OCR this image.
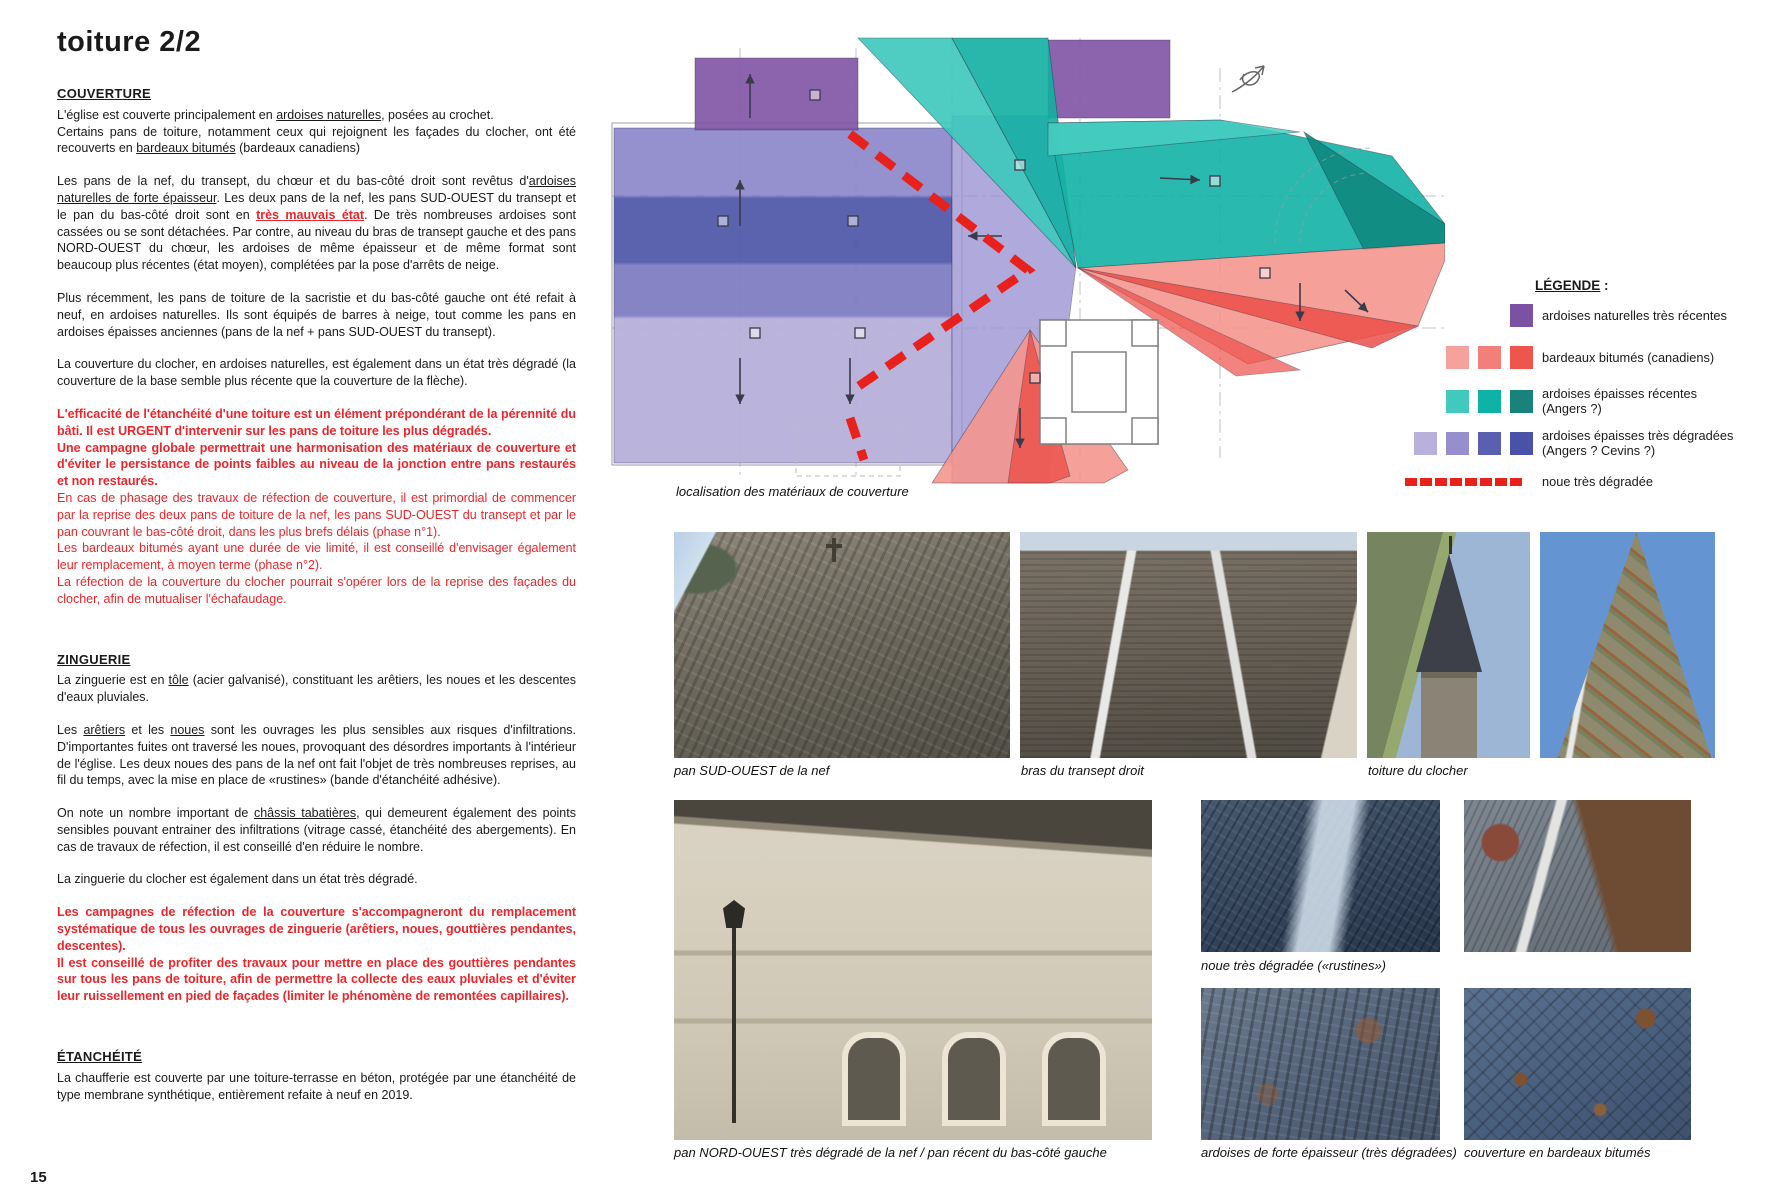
toiture 2/2
COUVERTURE

L'église est couverte principalement en ardoises naturelles, posées au crochet.

Certains pans de toiture, notamment ceux qui rejoignent les façades du clocher, ont été recouverts en bardeaux bitumés (bardeaux canadiens)

Les pans de la nef, du transept, du chœur et du bas-côté droit sont revêtus d'ardoises naturelles de forte épaisseur. Les deux pans de la nef, les pans SUD-OUEST du transept et le pan du bas-côté droit sont en très mauvais état. De très nombreuses ardoises sont cassées ou se sont détachées. Par contre, au niveau du bras de transept gauche et des pans NORD-OUEST du chœur, les ardoises de même épaisseur et de même format sont beaucoup plus récentes (état moyen), complétées par la pose d'arrêts de neige.

Plus récemment, les pans de toiture de la sacristie et du bas-côté gauche ont été refait à neuf, en ardoises naturelles. Ils sont équipés de barres à neige, tout comme les pans en ardoises épaisses anciennes (pans de la nef + pans SUD-OUEST du transept).

La couverture du clocher, en ardoises naturelles, est également dans un état très dégradé (la couverture de la base semble plus récente que la couverture de la flèche).

L'efficacité de l'étanchéité d'une toiture est un élément prépondérant de la pérennité du bâti. Il est URGENT d'intervenir sur les pans de toiture les plus dégradés.

Une campagne globale permettrait une harmonisation des matériaux de couverture et d'éviter le persistance de points faibles au niveau de la jonction entre pans restaurés et non restaurés.

En cas de phasage des travaux de réfection de couverture, il est primordial de commencer par la reprise des deux pans de toiture de la nef, les pans SUD-OUEST du transept et par le pan couvrant le bas-côté droit, dans les plus brefs délais (phase n°1).

Les bardeaux bitumés ayant une durée de vie limité, il est conseillé d'envisager également leur remplacement, à moyen terme (phase n°2).

La réfection de la couverture du clocher pourrait s'opérer lors de la reprise des façades du clocher, afin de mutualiser l'échafaudage.

ZINGUERIE

La zinguerie est en tôle (acier galvanisé), constituant les arêtiers, les noues et les descentes d'eaux pluviales.

Les arêtiers et les noues sont les ouvrages les plus sensibles aux risques d'infiltrations. D'importantes fuites ont traversé les noues, provoquant des désordres importants à l'intérieur de l'église. Les deux noues des pans de la nef ont fait l'objet de très nombreuses reprises, au fil du temps, avec la mise en place de «rustines» (bande d'étanchéité adhésive).

On note un nombre important de châssis tabatières, qui demeurent également des points sensibles pouvant entrainer des infiltrations (vitrage cassé, étanchéité des abergements). En cas de travaux de réfection, il est conseillé d'en réduire le nombre.

La zinguerie du clocher est également dans un état très dégradé.

Les campagnes de réfection de la couverture s'accompagneront du remplacement systématique de tous les ouvrages de zinguerie (arêtiers, noues, gouttières pendantes, descentes).

Il est conseillé de profiter des travaux pour mettre en place des gouttières pendantes sur tous les pans de toiture, afin de permettre la collecte des eaux pluviales et d'éviter leur ruissellement en pied de façades (limiter le phénomène de remontées capillaires).

ÉTANCHÉITÉ

La chaufferie est couverte par une toiture-terrasse en béton, protégée par une étanchéité de type membrane synthétique, entièrement refaite à neuf en 2019.

localisation des matériaux de couverture
LÉGENDE :
ardoises naturelles très récentes
bardeaux bitumés (canadiens)
ardoises épaisses récentes
(Angers ?)
ardoises épaisses très dégradées
(Angers ? Cevins ?)
noue très dégradée
pan SUD-OUEST de la nef	bras du transept droit	toiture du clocher
noue très dégradée («rustines»)
pan NORD-OUEST très dégradé de la nef / pan récent du bas-côté gauche	ardoises de forte épaisseur (très dégradées) couverture en bardeaux bitumés
15
